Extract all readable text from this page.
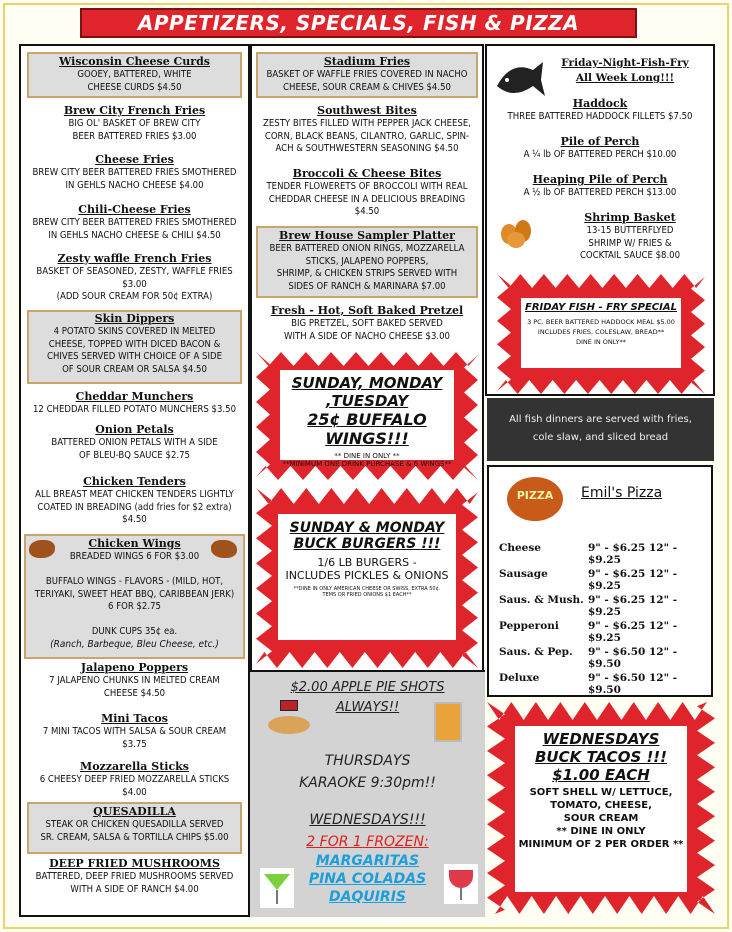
APPETIZERS, SPECIALS, FISH & PIZZA
Wisconsin Cheese Curds
GOOEY, BATTERED, WHITE
CHEESE CURDS $4.50
Brew City French Fries
BIG OL' BASKET OF BREW CITY
BEER BATTERED FRIES $3.00
Cheese Fries
BREW CITY BEER BATTERED FRIES SMOTHERED
IN GEHLS NACHO CHEESE $4.00
Chili-Cheese Fries
BREW CITY BEER BATTERED FRIES SMOTHERED
IN GEHLS NACHO CHEESE & CHILI $4.50
Zesty waffle French Fries
BASKET OF SEASONED, ZESTY, WAFFLE FRIES
$3.00
(ADD SOUR CREAM FOR 50¢ EXTRA)
Skin Dippers
4 POTATO SKINS COVERED IN MELTED
CHEESE, TOPPED WITH DICED BACON &
CHIVES SERVED WITH CHOICE OF A SIDE
OF SOUR CREAM OR SALSA $4.50
Cheddar Munchers
12 CHEDDAR FILLED POTATO MUNCHERS $3.50
Onion Petals
BATTERED ONION PETALS WITH A SIDE
OF BLEU-BQ SAUCE $2.75
Chicken Tenders
ALL BREAST MEAT CHICKEN TENDERS LIGHTLY
COATED IN BREADING (add fries for $2 extra)
$4.50
Chicken Wings
BREADED WINGS 6 FOR $3.00

BUFFALO WINGS - FLAVORS - (MILD, HOT,
TERIYAKI, SWEET HEAT BBQ, CARIBBEAN JERK)
6 FOR $2.75

DUNK CUPS 35¢ ea.
(Ranch, Barbeque, Bleu Cheese, etc.)
Jalapeno Poppers
7 JALAPENO CHUNKS IN MELTED CREAM
CHEESE $4.50
Mini Tacos
7 MINI TACOS WITH SALSA & SOUR CREAM
$3.75
Mozzarella Sticks
6 CHEESY DEEP FRIED MOZZARELLA STICKS
$4.00
QUESADILLA
STEAK OR CHICKEN QUESADILLA SERVED
SR. CREAM, SALSA & TORTILLA CHIPS $5.00
DEEP FRIED MUSHROOMS
BATTERED, DEEP FRIED MUSHROOMS SERVED
WITH A SIDE OF RANCH $4.00
Stadium Fries
BASKET OF WAFFLE FRIES COVERED IN NACHO
CHEESE, SOUR CREAM & CHIVES $4.50
Southwest Bites
ZESTY BITES FILLED WITH PEPPER JACK CHEESE,
CORN, BLACK BEANS, CILANTRO, GARLIC, SPIN-
ACH & SOUTHWESTERN SEASONING $4.50
Broccoli & Cheese Bites
TENDER FLOWERETS OF BROCCOLI WITH REAL
CHEDDAR CHEESE IN A DELICIOUS BREADING
$4.50
Brew House Sampler Platter
BEER BATTERED ONION RINGS, MOZZARELLA
STICKS, JALAPENO POPPERS,
SHRIMP, & CHICKEN STRIPS SERVED WITH
SIDES OF RANCH & MARINARA $7.00
Fresh - Hot, Soft Baked Pretzel
BIG PRETZEL, SOFT BAKED SERVED
WITH A SIDE OF NACHO CHEESE $3.00
SUNDAY, MONDAY ,TUESDAY
25¢ BUFFALO WINGS!!!
** DINE IN ONLY **
**MINIMUM ONE DRINK PURCHASE & 6 WINGS**
SUNDAY & MONDAY
BUCK BURGERS !!!
1/6 LB BURGERS -
INCLUDES PICKLES & ONIONS
**DINE IN ONLY AMERICAN CHEESE OR SWISS, EXTRA 50¢.
TEMS OR FRIED ONIONS $1 EACH**
$2.00 APPLE PIE SHOTS
ALWAYS!!
THURSDAYS
KARAOKE 9:30pm!!
WEDNESDAYS!!!
2 FOR 1 FROZEN:
MARGARITAS
PINA COLADAS
DAQUIRIS
Friday-Night-Fish-Fry
All Week Long!!!
Haddock
THREE BATTERED HADDOCK FILLETS $7.50
Pile of Perch
A ¼ lb OF BATTERED PERCH $10.00
Heaping Pile of Perch
A ½ lb OF BATTERED PERCH $13.00
Shrimp Basket
13-15 BUTTERFLYED
SHRIMP W/ FRIES &
COCKTAIL SAUCE $8.00
FRIDAY FISH - FRY SPECIAL
3 PC. BEER BATTERED HADDOCK MEAL $5.00
INCLUDES FRIES, COLESLAW, BREAD**
DINE IN ONLY**
All fish dinners are served with fries,
cole slaw, and sliced bread
PIZZA	Emil's Pizza
Cheese	9" - $6.25 12" - $9.25
Sausage	9" - $6.25 12" - $9.25
Saus. & Mush. 9" - $6.25 12" - $9.25
Pepperoni	9" - $6.25 12" - $9.25
Saus. & Pep. 9" - $6.50 12" - $9.50
Deluxe	9" - $6.50 12" - $9.50
WEDNESDAYS
BUCK TACOS !!!
$1.00 EACH
SOFT SHELL W/ LETTUCE,
TOMATO, CHEESE,
SOUR CREAM
** DINE IN ONLY
MINIMUM OF 2 PER ORDER **
